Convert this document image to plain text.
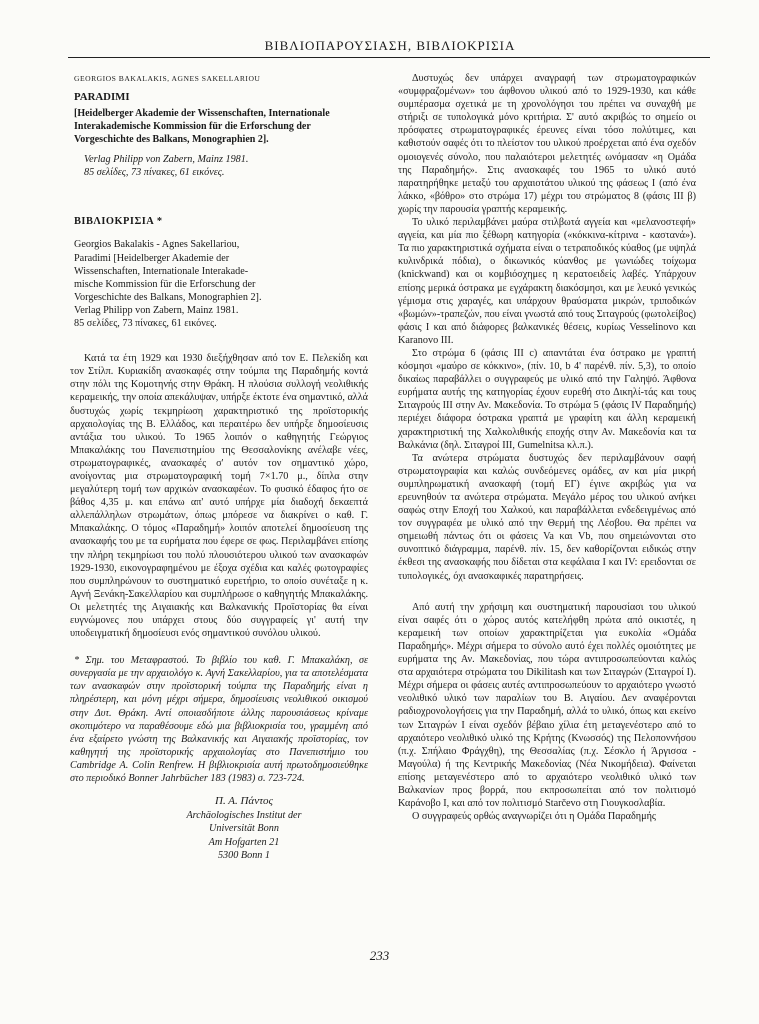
ΒΙΒΛΙΟΠΑΡΟΥΣΙΑΣΗ, ΒΙΒΛΙΟΚΡΙΣΙΑ
GEORGIOS BAKALAKIS, AGNES SAKELLARIOU
PARADIMI
[Heidelberger Akademie der Wissenschaften, Internationale Interakademische Kommission für die Erforschung der Vorgeschichte des Balkans, Monographien 2].

Verlag Philipp von Zabern, Mainz 1981.

85 σελίδες, 73 πίνακες, 61 εικόνες.

ΒΙΒΛΙΟΚΡΙΣΙΑ *

Georgios Bakalakis - Agnes Sakellariou,

Paradimi [Heidelberger Akademie der

Wissenschaften, Internationale Interakade-

mische Kommission für die Erforschung der

Vorgeschichte des Balkans, Monographien 2].

Verlag Philipp von Zabern, Mainz 1981.

85 σελίδες, 73 πίνακες, 61 εικόνες.

Κατά τα έτη 1929 και 1930 διεξήχθησαν από τον Ε. Πελεκίδη και τον Στίλπ. Κυριακίδη ανασκαφές στην τούμπα της Παραδημής κοντά στην πόλι της Κομοτηνής στην Θράκη. Η πλούσια συλλογή νεολιθικής κεραμεικής, την οποία απεκάλυψαν, υπήρξε έκτοτε ένα σημαντικό, αλλά δυστυχώς χωρίς τεκμηρίωση χαρακτηριστικό της προϊστορικής αρχαιολογίας της Β. Ελλάδος, και περαιτέρω δεν υπήρξε δημοσίευσις αντάξια του υλικού. Το 1965 λοιπόν ο καθηγητής Γεώργιος Μπακαλάκης του Πανεπιστημίου της Θεσσαλονίκης ανέλαβε νέες, στρωματογραφικές, ανασκαφές σ' αυτόν τον σημαντικό χώρο, ανοίγοντας μια στρωματογραφική τομή 7×1.70 μ., δίπλα στην μεγαλύτερη τομή των αρχικών ανασκαφέων. Το φυσικό έδαφος ήτο σε βάθος 4,35 μ. και επάνω απ' αυτό υπήρχε μία διαδοχή δεκαεπτά αλλεπάλληλων στρωμάτων, όπως μπόρεσε να διακρίνει ο καθ. Γ. Μπακαλάκης. Ο τόμος «Παραδημή» λοιπόν αποτελεί δημοσίευση της ανασκαφής του με τα ευρήματα που έφερε σε φως. Περιλαμβάνει επίσης την πλήρη τεκμηρίωσι του πολύ πλουσιότερου υλικού των ανασκαφών 1929-1930, εικονογραφημένου με έξοχα σχέδια και καλές φωτογραφίες που συμπληρώνουν το συστηματικό ευρετήριο, το οποίο συνέταξε η κ. Αγνή Ξενάκη-Σακελλαρίου και συμπλήρωσε ο καθηγητής Μπακαλάκης. Οι μελετητές της Αιγαιακής και Βαλκανικής Προϊστορίας θα είναι ευγνώμονες που υπάρχει στους δύο συγγραφείς γι' αυτή την υποδειγματική δημοσίευσι ενός σημαντικού συνόλου υλικού.

* Σημ. του Μεταφραστού. Το βιβλίο του καθ. Γ. Μπακαλάκη, σε συνεργασία με την αρχαιολόγο κ. Αγνή Σακελλαρίου, για τα αποτελέσματα των ανασκαφών στην προϊστορική τούμπα της Παραδημής είναι η πληρέστερη, και μόνη μέχρι σήμερα, δημοσίευσις νεολιθικού οικισμού στην Δυτ. Θράκη. Αντί οποιασδήποτε άλλης παρουσιάσεως κρίναμε σκοπιμότερο να παραθέσουμε εδώ μια βιβλιοκρισία του, γραμμένη από ένα εξαίρετο γνώστη της Βαλκανικής και Αιγαιακής προϊστορίας, τον καθηγητή της προϊστορικής αρχαιολογίας στο Πανεπιστήμιο του Cambridge A. Colin Renfrew. Η βιβλιοκρισία αυτή πρωτοδημοσιεύθηκε στο περιοδικό Bonner Jahrbücher 183 (1983) σ. 723-724.

Π. Α. Πάντος
Archäologisches Institut der
Universität Bonn
Am Hofgarten 21
5300 Bonn 1

Δυστυχώς δεν υπάρχει αναγραφή των στρωματογραφικών «συμφραζομένων» του άφθονου υλικού από το 1929-1930, και κάθε συμπέρασμα σχετικά με τη χρονολόγησι του πρέπει να συναχθή με στήριξι σε τυπολογικά μόνο κριτήρια. Σ' αυτό ακριβώς το σημείο οι πρόσφατες στρωματογραφικές έρευνες είναι τόσο πολύτιμες, και καθιστούν σαφές ότι το πλείστον του υλικού προέρχεται από ένα σχεδόν ομοιογενές σύνολο, που παλαιότεροι μελετητές ωνόμασαν «η Ομάδα της Παραδημής». Στις ανασκαφές του 1965 το υλικό αυτό παρατηρήθηκε μεταξύ του αρχαιοτάτου υλικού της φάσεως I (από ένα λάκκο, «βόθρο» στο στρώμα 17) μέχρι του στρώματος 8 (φάσις III β) χωρίς την παρουσία γραπτής κεραμεικής.

Το υλικό περιλαμβάνει μαύρα στιλβωτά αγγεία και «μελανοστεφή» αγγεία, και μία πιο ξέθωρη κατηγορία («κόκκινα-κίτρινα - καστανά»). Τα πιο χαρακτηριστικά σχήματα είναι ο τετραποδικός κύαθος (με υψηλά κυλινδρικά πόδια), ο δικωνικός κύανθος με γωνιώδες τοίχωμα (knickwand) και οι κομβιόσχημες η κερατοειδείς λαβές. Υπάρχουν επίσης μερικά όστρακα με εγχάρακτη διακόσμησι, και με λευκό γενικώς γέμισμα στις χαραγές, και υπάρχουν θραύσματα μικρών, τριποδικών «βωμών»-τραπεζών, που είναι γνωστά από τους Σιταγρούς (φωτολείβος) φάσις I και από διάφορες βαλκανικές θέσεις, κυρίως Vesselinovo και Karanovo III.

Στο στρώμα 6 (φάσις III c) απαντάται ένα όστρακο με γραπτή κόσμησι «μαύρο σε κόκκινο», (πίν. 10, b 4' παρένθ. πίν. 5,3), το οποίο δικαίως παραβάλλει ο συγγραφεύς με υλικό από την Γαληψό. Άφθονα ευρήματα αυτής της κατηγορίας έχουν ευρεθή στο Δικηλί-τάς και τους Σιταγρούς III στην Αν. Μακεδονία. Το στρώμα 5 (φάσις IV Παραδημής) περιέχει διάφορα όστρακα γραπτά με γραφίτη και άλλη κεραμεική χαρακτηριστική της Χαλκολιθικής εποχής στην Αν. Μακεδονία και τα Βαλκάνια (δηλ. Σιταγροί III, Gumelnitsa κλ.π.).

Τα ανώτερα στρώματα δυστυχώς δεν περιλαμβάνουν σαφή στρωματογραφία και καλώς συνδεόμενες ομάδες, αν και μία μικρή συμπληρωματική ανασκαφή (τομή ΕΓ) έγινε ακριβώς για να ερευνηθούν τα ανώτερα στρώματα. Μεγάλο μέρος του υλικού ανήκει σαφώς στην Εποχή του Χαλκού, και παραβάλλεται ενδεδειγμένως από τον συγγραφέα με υλικό από την Θερμή της Λέσβου. Θα πρέπει να σημειωθή πάντως ότι οι φάσεις Va και Vb, που σημειώνονται στο συνοπτικό διάγραμμα, παρένθ. πίν. 15, δεν καθορίζονται ειδικώς στην έκθεσι της ανασκαφής που δίδεται στα κεφάλαια I και IV: ερειδονται σε τυπολογικές, όχι ανασκαφικές παρατηρήσεις.

Από αυτή την χρήσιμη και συστηματική παρουσίασι του υλικού είναι σαφές ότι ο χώρος αυτός κατελήφθη πρώτα από οικιστές, η κεραμεική των οποίων χαρακτηρίζεται για ευκολία «Ομάδα Παραδημής». Μέχρι σήμερα το σύνολο αυτό έχει πολλές ομοιότητες με ευρήματα της Αν. Μακεδονίας, που τώρα αντιπροσωπεύονται καλώς στα αρχαιότερα στρώματα του Dikilitash και των Σιταγρών (Σιταγροί I). Μέχρι σήμερα οι φάσεις αυτές αντιπροσωπεύουν το αρχαιότερο γνωστό νεολιθικό υλικό των παραλίων του Β. Αιγαίου. Δεν αναφέρονται ραδιοχρονολογήσεις για την Παραδημή, αλλά το υλικό, όπως και εκείνο των Σιταγρών I είναι σχεδόν βέβαιο χίλια έτη μεταγενέστερο από το αρχαιότερο νεολιθικό υλικό της Κρήτης (Κνωσσός) της Πελοποννήσου (π.χ. Σπήλαιο Φράγχθη), της Θεσσαλίας (π.χ. Σέσκλο ή Άργισσα - Μαγούλα) ή της Κεντρικής Μακεδονίας (Νέα Νικομήδεια). Φαίνεται επίσης μεταγενέστερο από το αρχαιότερο νεολιθικό υλικό των Βαλκανίων προς βορρά, που εκπροσωπείται από τον πολιτισμό Καράνοβο I, και από τον πολιτισμό Starčevo στη Γιουγκοσλαβία.

Ο συγγραφεύς ορθώς αναγνωρίζει ότι η Ομάδα Παραδημής

233
